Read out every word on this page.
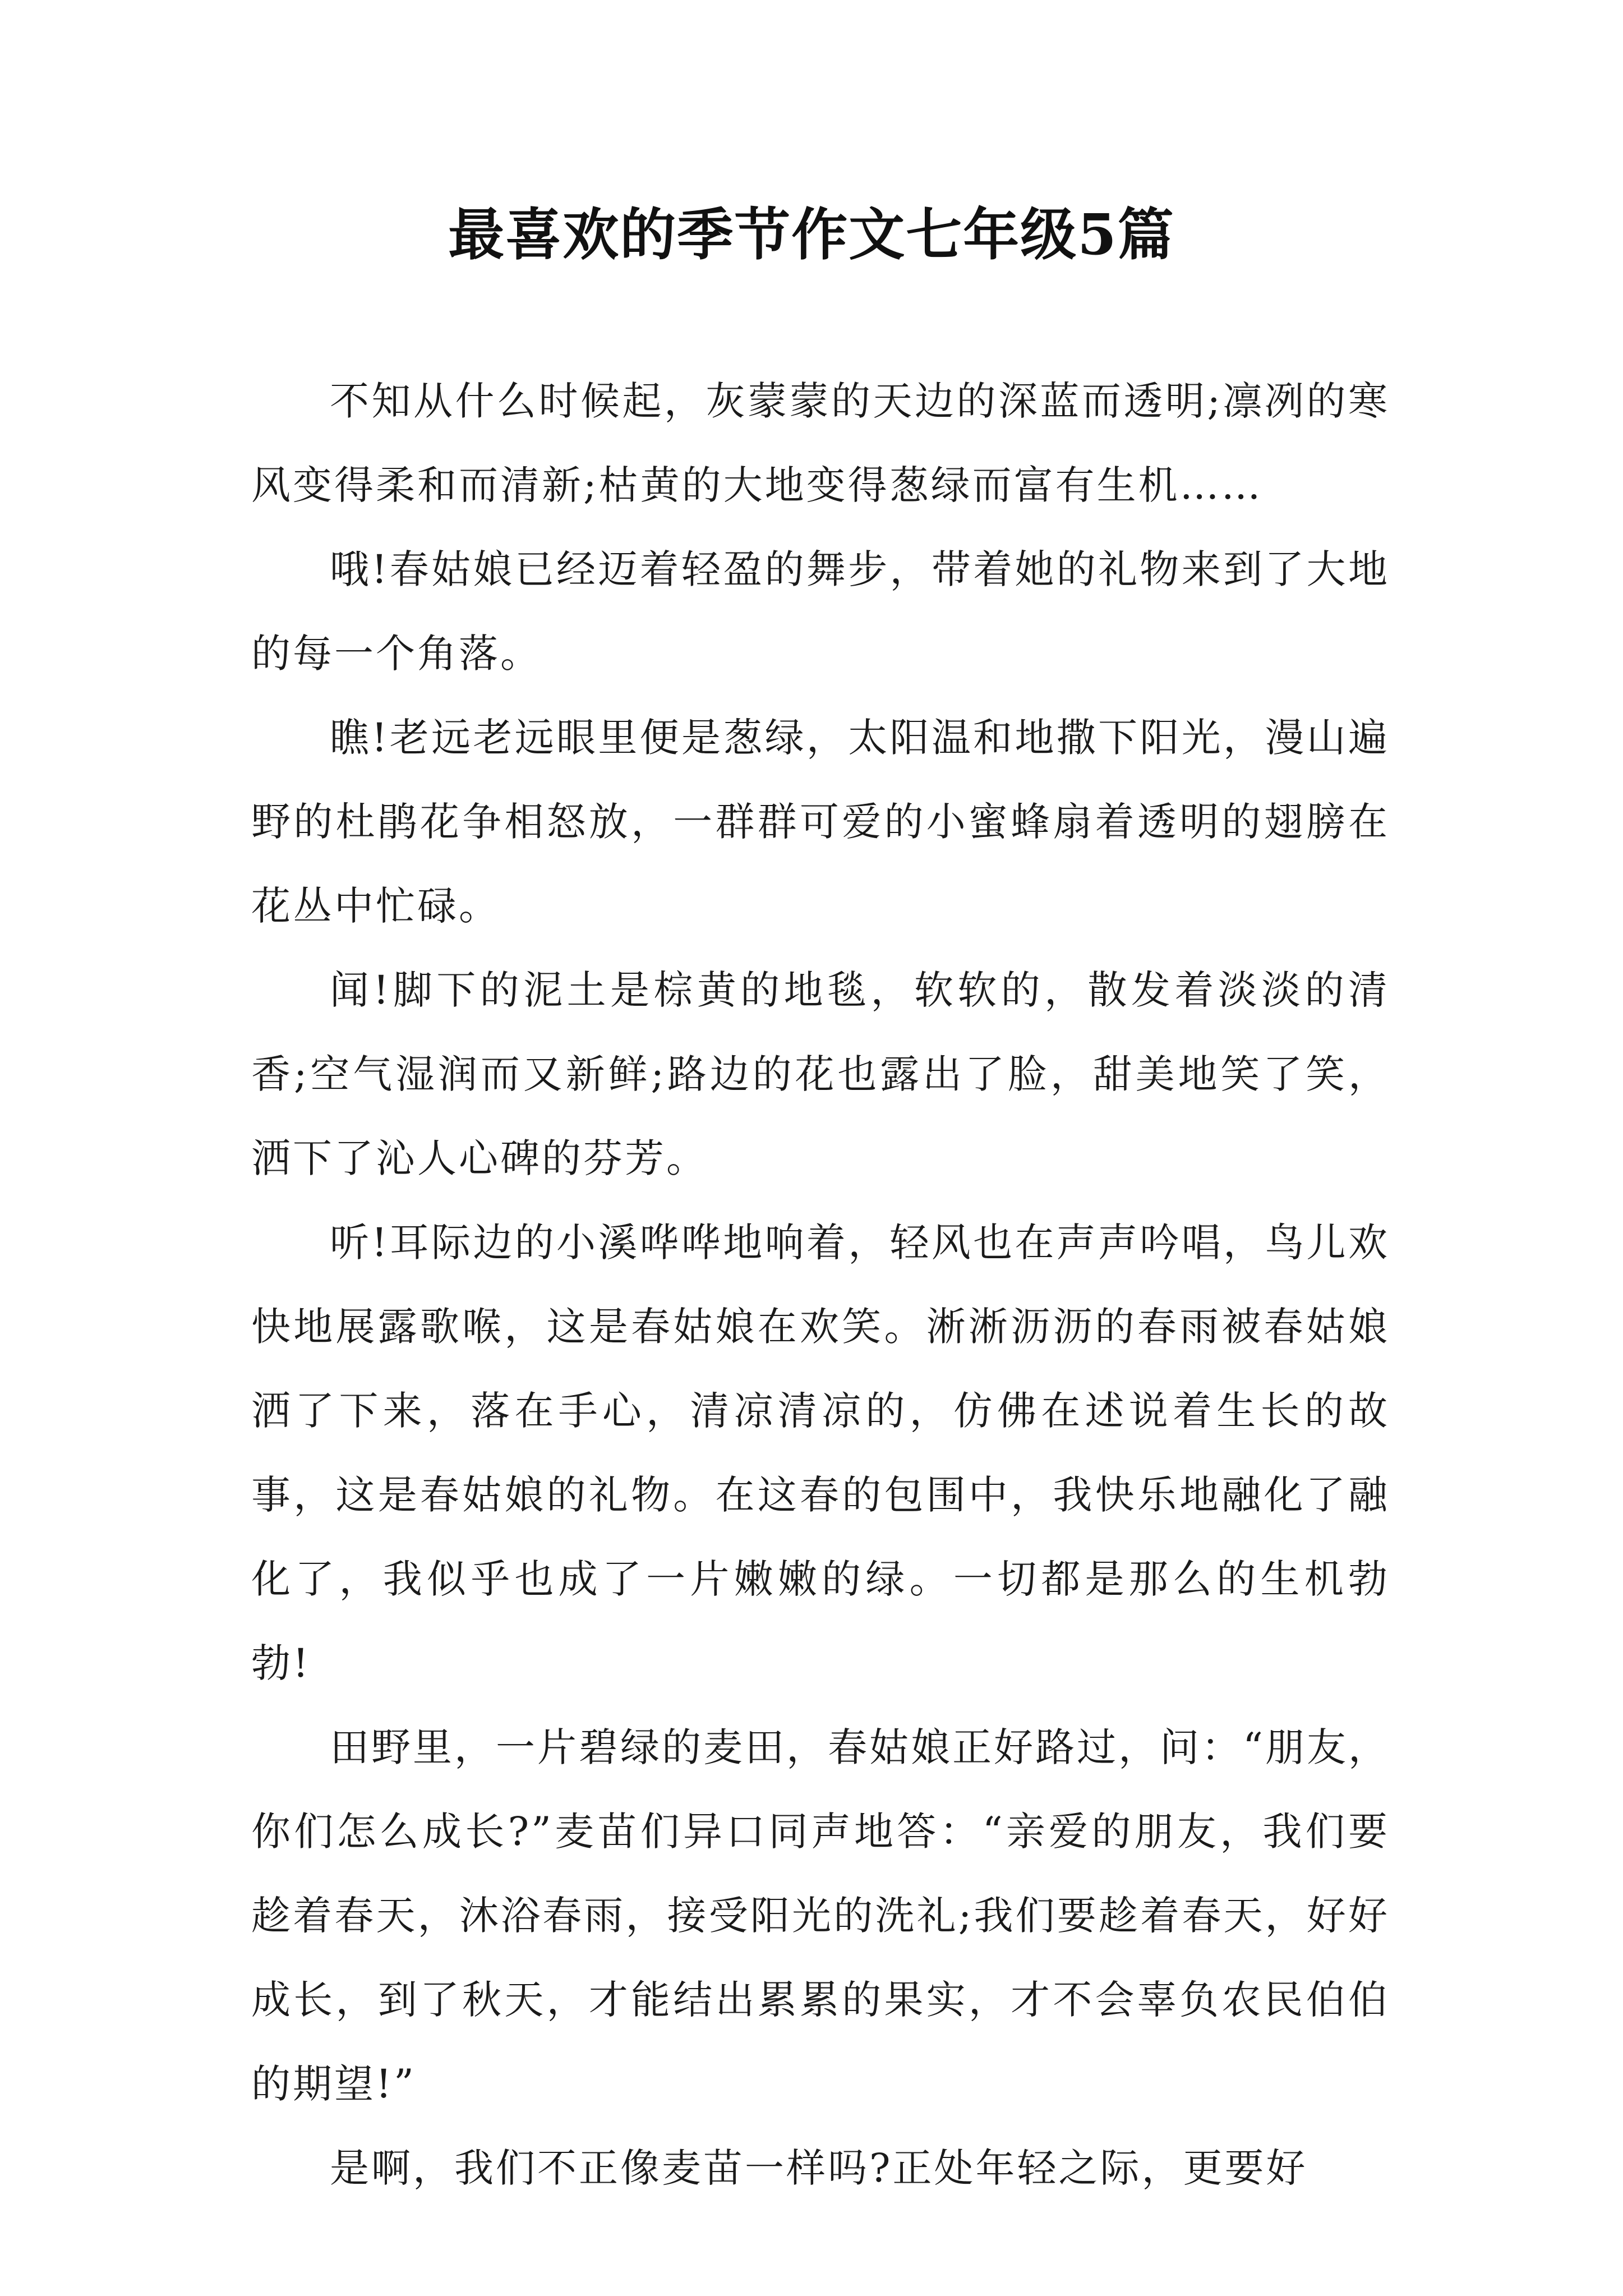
最喜欢的季节作文七年级5篇

不知从什么时候起，灰蒙蒙的天边的深蓝而透明;凛冽的寒风变得柔和而清新;枯黄的大地变得葱绿而富有生机……

哦!春姑娘已经迈着轻盈的舞步，带着她的礼物来到了大地的每一个角落。

瞧!老远老远眼里便是葱绿，太阳温和地撒下阳光，漫山遍野的杜鹃花争相怒放，一群群可爱的小蜜蜂扇着透明的翅膀在花丛中忙碌。

闻!脚下的泥土是棕黄的地毯，软软的，散发着淡淡的清香;空气湿润而又新鲜;路边的花也露出了脸，甜美地笑了笑，洒下了沁人心碑的芬芳。

听!耳际边的小溪哗哗地响着，轻风也在声声吟唱，鸟儿欢快地展露歌喉，这是春姑娘在欢笑。淅淅沥沥的春雨被春姑娘洒了下来，落在手心，清凉清凉的，仿佛在述说着生长的故事，这是春姑娘的礼物。在这春的包围中，我快乐地融化了融化了，我似乎也成了一片嫩嫩的绿。一切都是那么的生机勃勃!

田野里，一片碧绿的麦田，春姑娘正好路过，问：“朋友，你们怎么成长?”麦苗们异口同声地答：“亲爱的朋友，我们要趁着春天，沐浴春雨，接受阳光的洗礼;我们要趁着春天，好好成长，到了秋天，才能结出累累的果实，才不会辜负农民伯伯的期望!”

是啊，我们不正像麦苗一样吗?正处年轻之际，更要好
